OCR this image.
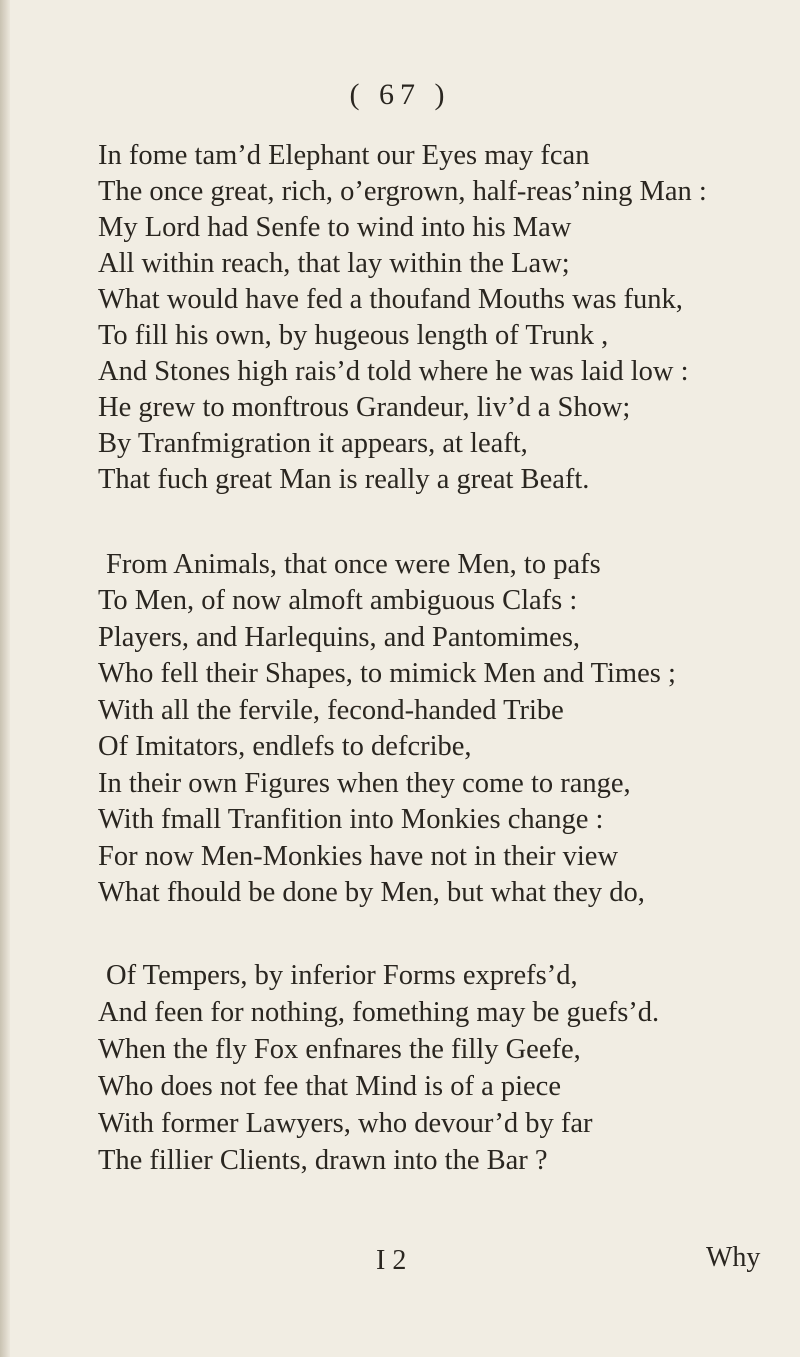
( 67 )
In fome tam’d Elephant our Eyes may fcan
The once great, rich, o’ergrown, half-reas’ning Man :
My Lord had Senfe to wind into his Maw
All within reach, that lay within the Law;
What would have fed a thoufand Mouths was funk,
To fill his own, by hugeous length of Trunk ,
And Stones high rais’d told where he was laid low :
He grew to monftrous Grandeur, liv’d a Show;
By Tranfmigration it appears, at leaft,
That fuch great Man is really a great Beaft.
From Animals, that once were Men, to pafs
To Men, of now almoft ambiguous Clafs :
Players, and Harlequins, and Pantomimes,
Who fell their Shapes, to mimick Men and Times ;
With all the fervile, fecond-handed Tribe
Of Imitators, endlefs to defcribe,
In their own Figures when they come to range,
With fmall Tranfition into Monkies change :
For now Men-Monkies have not in their view
What fhould be done by Men, but what they do,
Of Tempers, by inferior Forms exprefs’d,
And feen for nothing, fomething may be guefs’d.
When the fly Fox enfnares the filly Geefe,
Who does not fee that Mind is of a piece
With former Lawyers, who devour’d by far
The fillier Clients, drawn into the Bar ?
I 2	Why
